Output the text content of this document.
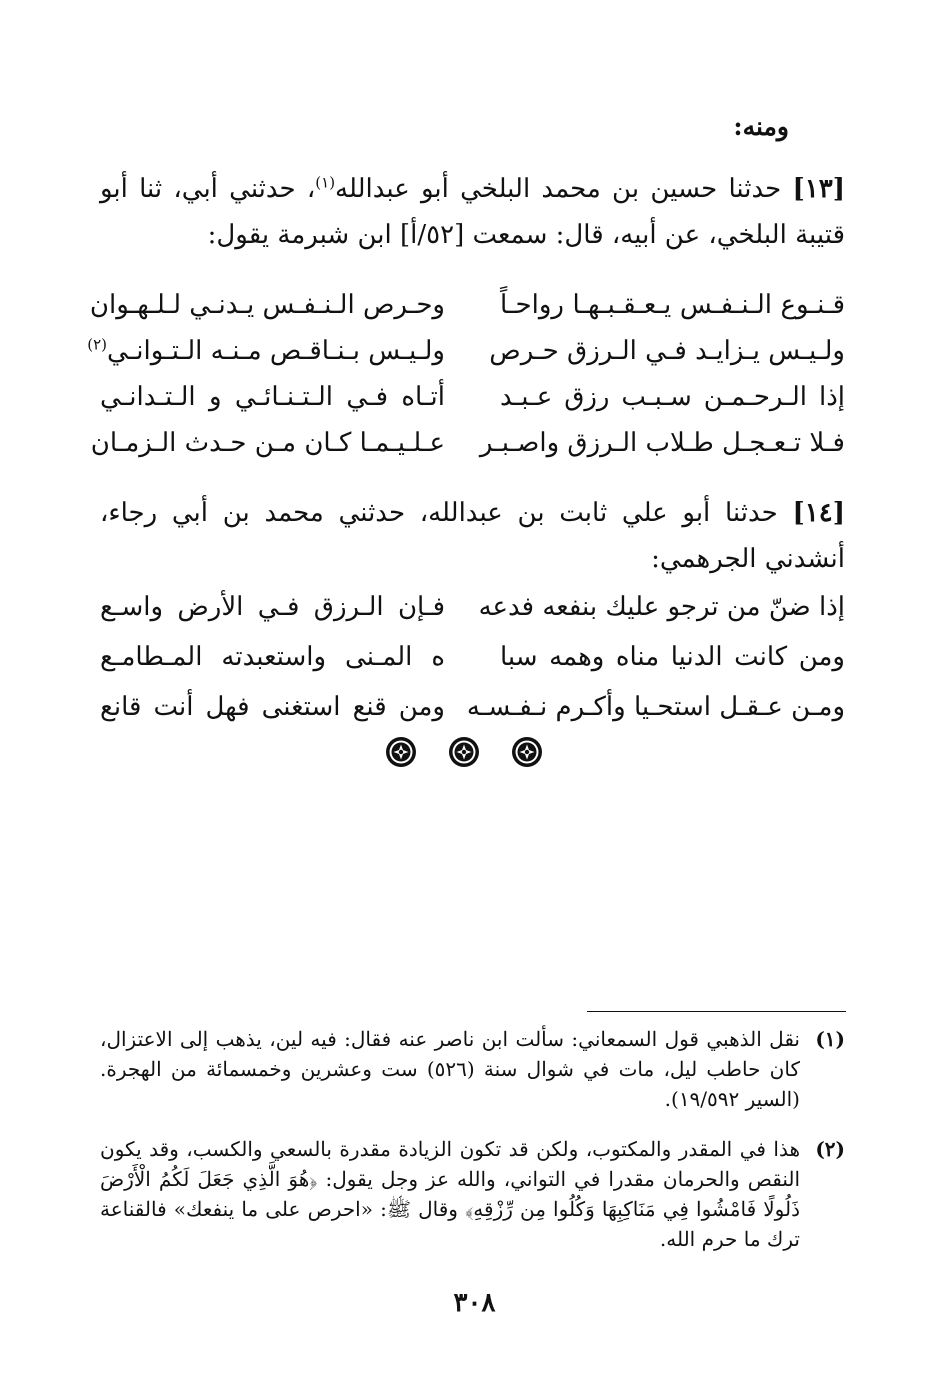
ومنه:
[١٣] حدثنا حسين بن محمد البلخي أبو عبدالله$^{(١)}$، حدثني أبي، ثنا أبو قتيبة البلخي، عن أبيه، قال: سمعت [٥٢/أ] ابن شبرمة يقول:
قـنـوع الـنـفـس يـعـقـبـهـا رواحـاً
وحـرص الـنـفـس يـدنـي لـلـهـوان
ولـيـس يـزايـد فـي الـرزق حـرص
ولـيـس بـنـاقـص مـنـه الـتـوانـي$^{(٢)}$
إذا الـرحـمـن سـبـب رزق عـبـد
أتـاه فـي الـتـنـائـي و الـتـدانـي
فـلا تـعـجـل طـلاب الـرزق واصـبـر
عـلـيـمـا كـان مـن حـدث الـزمـان
[١٤] حدثنا أبو علي ثابت بن عبدالله، حدثني محمد بن أبي رجاء، أنشدني الجرهمي:
إذا ضنّ من ترجو عليك بنفعه فدعه
فـإن الـرزق فـي الأرض واسـع
ومن كانت الدنيا مناه وهمه سبا
ه المـنى واستعبدته المـطامـع
ومـن عـقـل استحـيا وأكـرم نـفـسـه
ومن قنع استغنى فهل أنت قانع
(١)
نقل الذهبي قول السمعاني: سألت ابن ناصر عنه فقال: فيه لين، يذهب إلى الاعتزال، كان حاطب ليل، مات في شوال سنة (٥٢٦) ست وعشرين وخمسمائة من الهجرة. (السير ١٩/٥٩٢).
(٢)
هذا في المقدر والمكتوب، ولكن قد تكون الزيادة مقدرة بالسعي والكسب، وقد يكون النقص والحرمان مقدرا في التواني، والله عز وجل يقول: ﴿هُوَ الَّذِي جَعَلَ لَكُمُ الْأَرْضَ ذَلُولًا فَامْشُوا فِي مَنَاكِبِهَا وَكُلُوا مِن رِّزْقِهِ﴾ وقال ﷺ: «احرص على ما ينفعك» فالقناعة ترك ما حرم الله.
٣٠٨
